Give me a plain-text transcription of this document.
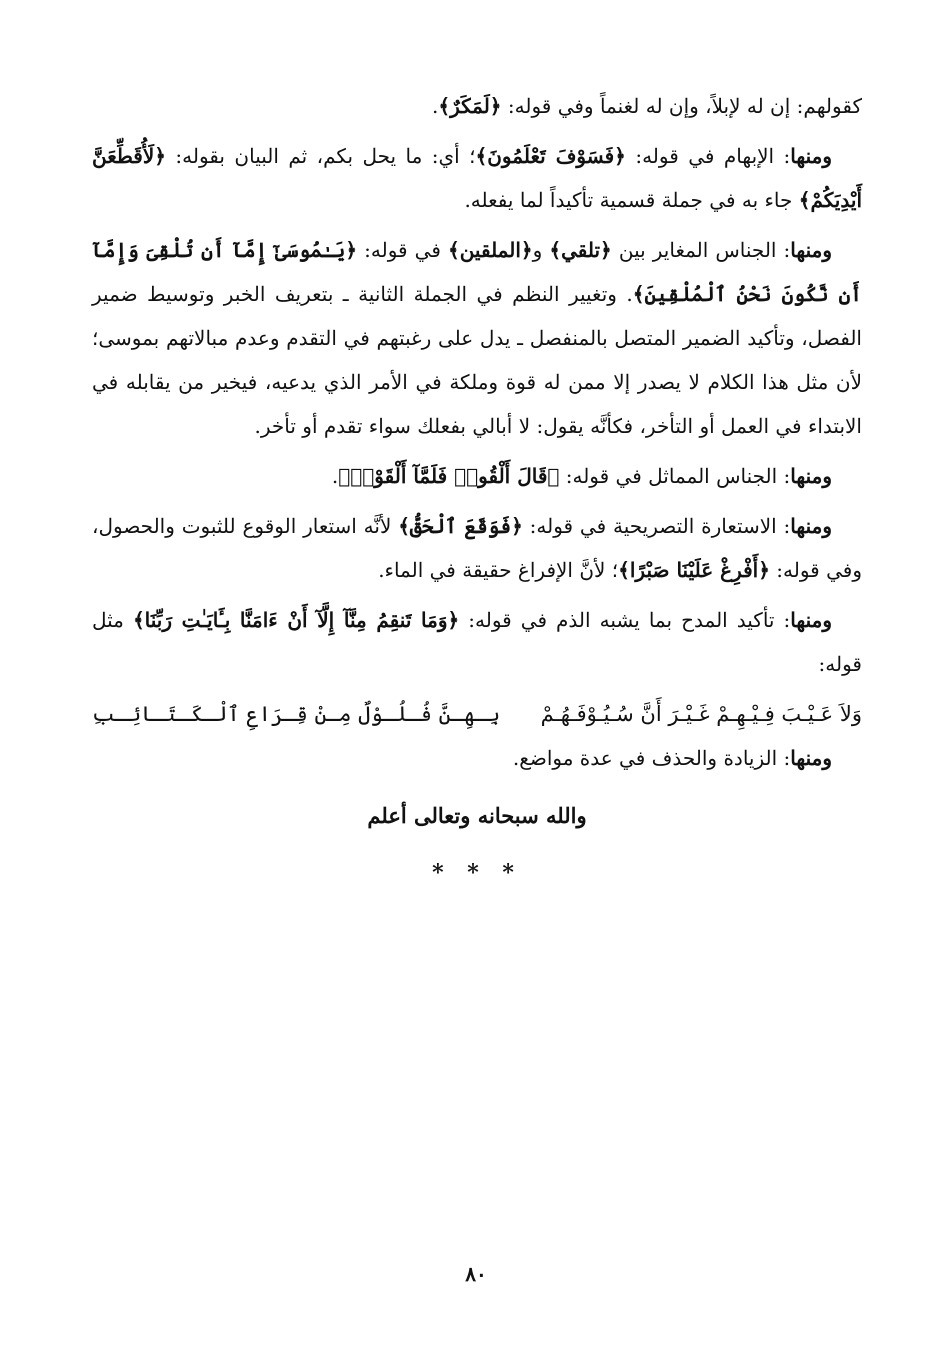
كقولهم: إن له لإبلاً، وإن له لغنماً وفي قوله: ﴿لَمَكَرٌ﴾.

ومنها: الإبهام في قوله: ﴿فَسَوْفَ تَعْلَمُونَ﴾؛ أي: ما يحل بكم، ثم البيان بقوله: ﴿لَأُقَطِّعَنَّ أَيْدِيَكُمْ﴾ جاء به في جملة قسمية تأكيداً لما يفعله.

ومنها: الجناس المغاير بين ﴿تلقي﴾ و﴿الملقين﴾ في قوله: ﴿يَـٰمُوسَىٰٓ إِمَّآ أَن تُلْقِىَ وَإِمَّآ أَن نَّكُونَ نَحْنُ ٱلْمُلْقِينَ﴾. وتغيير النظم في الجملة الثانية ـ بتعريف الخبر وتوسيط ضمير الفصل، وتأكيد الضمير المتصل بالمنفصل ـ يدل على رغبتهم في التقدم وعدم مبالاتهم بموسى؛ لأن مثل هذا الكلام لا يصدر إلا ممن له قوة وملكة في الأمر الذي يدعيه، فيخير من يقابله في الابتداء في العمل أو التأخر، فكأنَّه يقول: لا أبالي بفعلك سواء تقدم أو تأخر.

ومنها: الجناس المماثل في قوله: ﴿قَالَ أَلْقُوا۟ فَلَمَّآ أَلْقَوْا۟﴾.

ومنها: الاستعارة التصريحية في قوله: ﴿فَوَقَعَ ٱلْحَقُّ﴾ لأنَّه استعار الوقوع للثبوت والحصول، وفي قوله: ﴿أَفْرِغْ عَلَيْنَا صَبْرًا﴾؛ لأنَّ الإفراغ حقيقة في الماء.

ومنها: تأكيد المدح بما يشبه الذم في قوله: ﴿وَمَا تَنقِمُ مِنَّآ إِلَّآ أَنْ ءَامَنَّا بِـَٔايَـٰتِ رَبِّنَا﴾ مثل قوله:

وَلاَ عَـيْـبَ فِـيْـهِـمْ غَـيْـرَ أَنَّ سُـيُـوْفَـهُـمْ
بِـهِـنَّ فُـلُـوْلٌ مِـنْ قِـرَاعِ ٱلْـكَـتَـائِـبِ

ومنها: الزيادة والحذف في عدة مواضع.

والله سبحانه وتعالى أعلم
* * *
٨٠
